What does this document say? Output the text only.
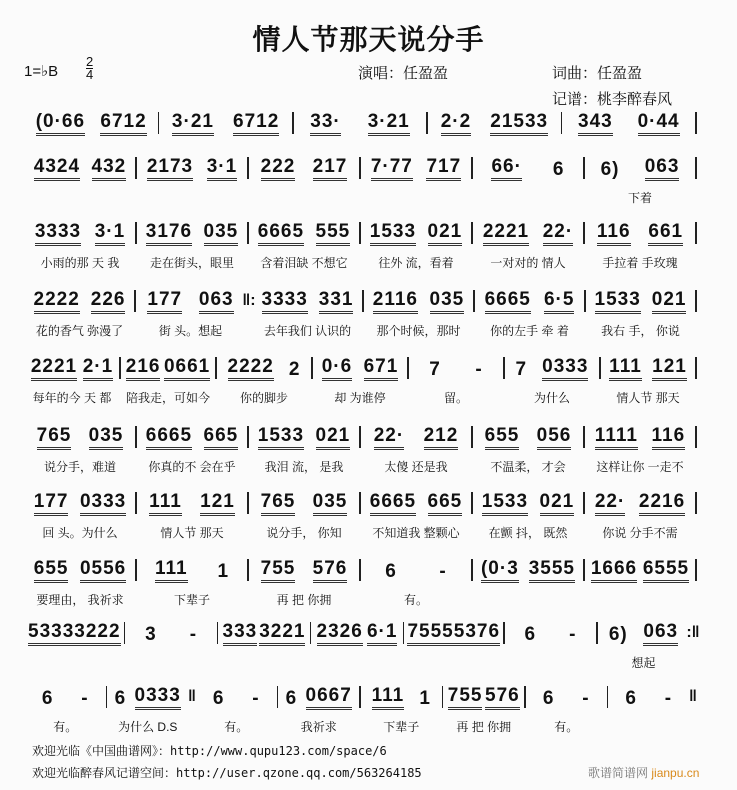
情人节那天说分手
1=♭B
2
4	演唱：任盈盈	词曲：任盈盈
记谱：桃李醉春风
(0·66 6712 3·21 6712 33· 3·21 2·2 21533 343 0·44
4324 432 2173 3·1 222 217 7·77 717 66· 6 6) 063
下着
3333 3·1
小雨的那 天 我
3176 035
走在街头，眼里
6665 555
含着泪缺 不想它
1533 021
往外 流，看着
2221 22·
一对对的 情人
116 661
手拉着 手玫瑰
2222 226
花的香气 弥漫了
177 063
街 头。想起
‖: 3333 331
去年我们 认识的
2116 035
那个时候，那时
6665 6·5
你的左手 牵 着
1533 021
我右 手， 你说
2221 2·1
每年的今 天 都
216 0661
陪我走，可如今
2222 2
你的脚步
0·6 671
却 为谁停
7 -
留。
7 0333
为什么
111 121
情人节 那天
765 035
说分手，难道
6665 665
你真的不 会在乎
1533 021
我泪 流， 是我
22· 212
太傻 还是我
655 056
不温柔， 才会
1111 116
这样让你 一走不
177 0333
回 头。为什么
111 121
情人节 那天
765 035
说分手， 你知
6665 665
不知道我 整颗心
1533 021
在颤 抖， 既然
22· 2216
你说 分手不需
655 0556
要理由， 我祈求
111 1
下辈子
755 576
再 把 你拥
6 -
有。
(0·3 3555 1666 6555
5333 3222 3 - 333 3221 2326 6·1 7555 5376 6 - 6) 063
想起
:‖
6 -
有。
6 0333
为什么 D.S
‖ 6 -
有。
6 0667
我祈求
111 1
下辈子
755 576
再 把 你拥
6 -
有。
6 - ‖
欢迎光临《中国曲谱网》：http://www.qupu123.com/space/6
欢迎光临醉春风记谱空间：http://user.qzone.qq.com/563264185	歌谱简谱网 jianpu.cn
